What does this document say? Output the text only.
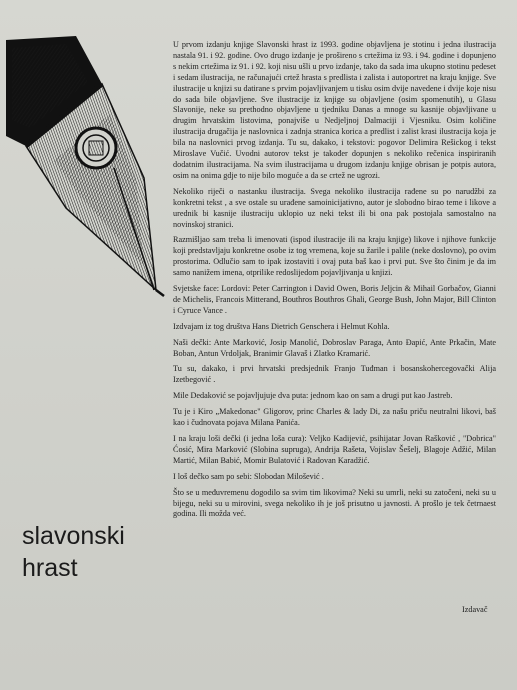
slavonski
hrast

U prvom izdanju knjige Slavonski hrast iz 1993. godine objavljena je stotinu i jedna ilustracija nastala 91. i 92. godine. Ovo drugo izdanje je prošireno s crtežima iz 93. i 94. godine i dopunjeno s nekim crtežima iz 91. i 92. koji nisu ušli u prvo izdanje, tako da sada ima ukupno stotinu pedeset i sedam ilustracija, ne računajući crtež hrasta s predlista i zalista i autoportret na kraju knjige. Sve ilustracije u knjizi su datirane s prvim pojavljivanjem u tisku osim dvije navedene i dvije koje nisu do sada bile objavljene. Sve ilustracije iz knjige su objavljene (osim spomenutih), u Glasu Slavonije, neke su prethodno objavljene u tjedniku Danas a mnoge su kasnije objavljivane u drugim hrvatskim listovima, ponajviše u Nedjeljnoj Dalmaciji i Vjesniku. Osim količine ilustracija drugačija je naslovnica i zadnja stranica korica a predlist i zalist krasi ilustracija koja je bila na naslovnici prvog izdanja. Tu su, dakako, i tekstovi: pogovor Delimira Rešickog i tekst Miroslave Vučić. Uvodni autorov tekst je također dopunjen s nekoliko rečenica inspiriranih dodatnim ilustracijama. Na svim ilustracijama u drugom izdanju knjige obrisan je potpis autora, osim na onima gdje to nije bilo moguće a da se crtež ne ugrozi.

Nekoliko riječi o nastanku ilustracija. Svega nekoliko ilustracija rađene su po narudžbi za konkretni tekst , a sve ostale su urađene samoinicijativno, autor je slobodno birao teme i likove a urednik bi kasnije ilustraciju uklopio uz neki tekst ili bi ona pak postojala samostalno na novinskoj stranici.

Razmišljao sam treba li imenovati (ispod ilustracije ili na kraju knjige) likove i njihove funkcije koji predstavljaju konkretne osobe iz tog vremena, koje su žarile i palile (neke doslovno), po ovim prostorima. Odlučio sam to ipak izostaviti i ovaj puta baš kao i prvi put. Sve što činim je da im samo nanižem imena, otprilike redoslijedom pojavljivanja u knjizi.

Svjetske face: Lordovi: Peter Carrington i David Owen, Boris Jeljcin & Mihail Gorbačov, Gianni de Michelis, Francois Mitterand, Bouthros Bouthros Ghali, George Bush, John Major, Bill Clinton i Cyruce Vance .

Izdvajam iz tog društva Hans Dietrich Genschera i Helmut Kohla.

Naši dečki: Ante Marković, Josip Manolić, Dobroslav Paraga, Anto Đapić, Ante Prkačin, Mate Boban, Antun Vrdoljak, Branimir Glavaš i Zlatko Kramarić.

Tu su, dakako, i prvi hrvatski predsjednik Franjo Tuđman i bosanskohercegovački Alija Izetbegović .

Mile Dedaković se pojavljujuje dva puta: jednom kao on sam a drugi put kao Jastreb.

Tu je i Kiro „Makedonac" Gligorov, princ Charles & lady Di, za našu priču neutralni likovi, baš kao i čudnovata pojava Milana Panića.

I na kraju loši dečki (i jedna loša cura): Veljko Kadijević, psihijatar Jovan Rašković , "Dobrica" Ćosić, Mira Marković (Slobina supruga), Andrija Rašeta, Vojislav Šešelj, Blagoje Adžić, Milan Martić, Milan Babić, Momir Bulatović i Radovan Karadžić.

I loš dečko sam po sebi: Slobodan Milošević .

Što se u međuvremenu dogodilo sa svim tim likovima? Neki su umrli, neki su zatočeni, neki su u bijegu, neki su u mirovini, svega nekoliko ih je još prisutno u javnosti. A prošlo je tek četrnaest godina. Ili možda već.

Izdavač
